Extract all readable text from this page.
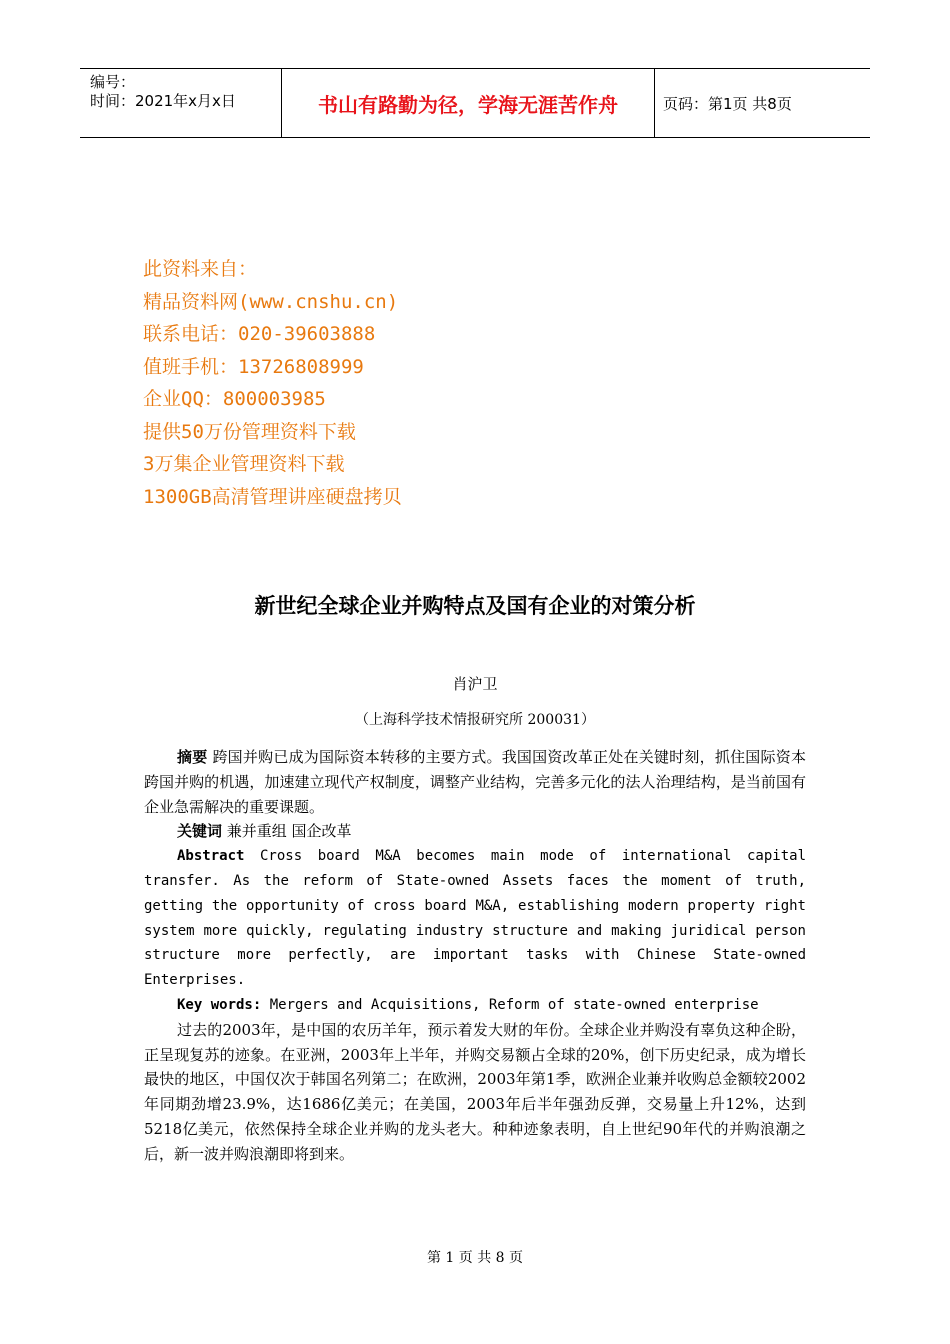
编号：
时间：2021年x月x日	书山有路勤为径，学海无涯苦作舟	页码：第1页 共8页
此资料来自：
精品资料网(www.cnshu.cn)
联系电话：020-39603888
值班手机：13726808999
企业QQ：800003985
提供50万份管理资料下载
3万集企业管理资料下载
1300GB高清管理讲座硬盘拷贝
新世纪全球企业并购特点及国有企业的对策分析
肖沪卫
（上海科学技术情报研究所 200031）

摘要 跨国并购已成为国际资本转移的主要方式。我国国资改革正处在关键时刻，抓住国际资本跨国并购的机遇，加速建立现代产权制度，调整产业结构，完善多元化的法人治理结构，是当前国有企业急需解决的重要课题。

关键词 兼并重组 国企改革

Abstract Cross board M&A becomes main mode of international capital transfer. As the reform of State-owned Assets faces the moment of truth, getting the opportunity of cross board M&A, establishing modern property right system more quickly, regulating industry structure and making juridical person structure more perfectly, are important tasks with Chinese State-owned Enterprises.

Key words: Mergers and Acquisitions, Reform of state-owned enterprise

过去的2003年，是中国的农历羊年，预示着发大财的年份。全球企业并购没有辜负这种企盼，正呈现复苏的迹象。在亚洲，2003年上半年，并购交易额占全球的20%，创下历史纪录，成为增长最快的地区，中国仅次于韩国名列第二；在欧洲，2003年第1季，欧洲企业兼并收购总金额较2002年同期劲增23.9%，达1686亿美元；在美国，2003年后半年强劲反弹，交易量上升12%，达到5218亿美元，依然保持全球企业并购的龙头老大。种种迹象表明，自上世纪90年代的并购浪潮之后，新一波并购浪潮即将到来。

第 1 页 共 8 页
